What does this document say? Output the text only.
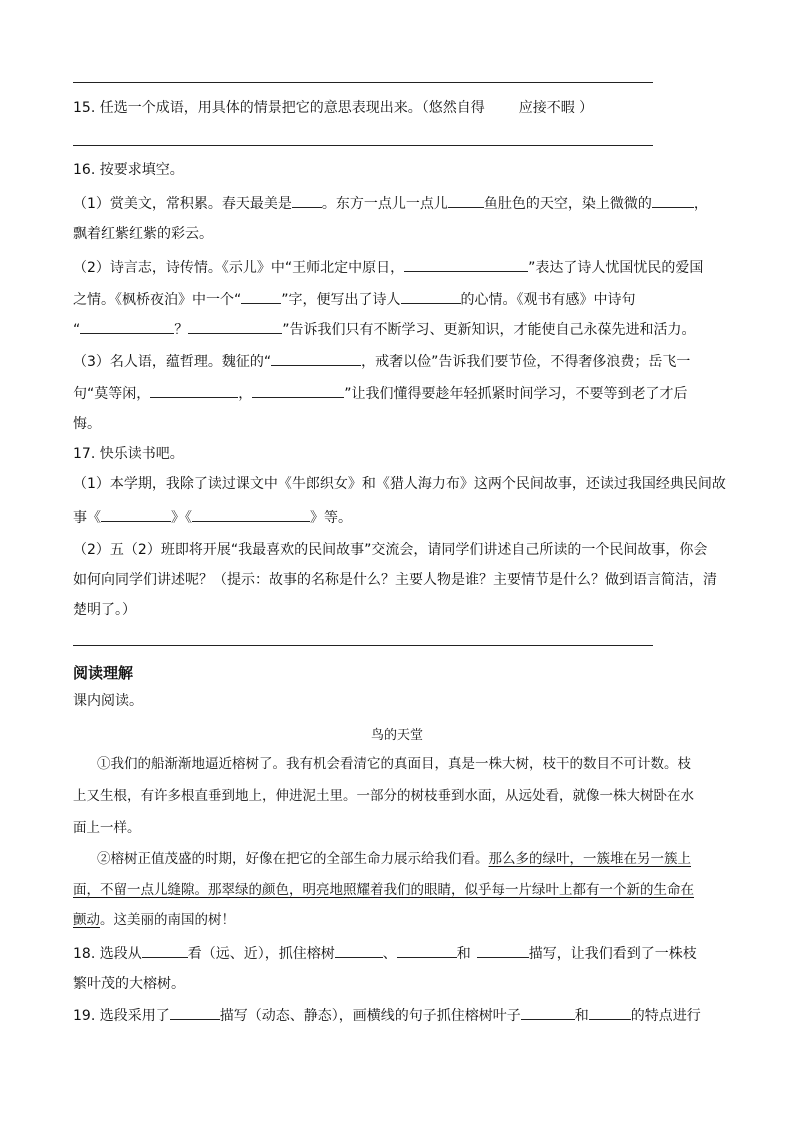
15. 任选一个成语，用具体的情景把它的意思表现出来。（悠然自得 应接不暇 ）
16. 按要求填空。
（1）赏美文，常积累。春天最美是 。东方一点儿一点儿	鱼肚色的天空，染上微微的	，
飘着红紫红紫的彩云。
（2）诗言志，诗传情。《示儿》中“王师北定中原日，	”表达了诗人忧国忧民的爱国
之情。《枫桥夜泊》中一个“	”字，便写出了诗人	的心情。《观书有感》中诗句
“	？	”告诉我们只有不断学习、更新知识，才能使自己永葆先进和活力。
（3）名人语，蕴哲理。魏征的“	，戒奢以俭”告诉我们要节俭，不得奢侈浪费；岳飞一
句“莫等闲，	，	”让我们懂得要趁年轻抓紧时间学习，不要等到老了才后
悔。
17. 快乐读书吧。
（1）本学期，我除了读过课文中《牛郎织女》和《猎人海力布》这两个民间故事，还读过我国经典民间故
事《	》《	》等。
（2）五（2）班即将开展“我最喜欢的民间故事”交流会，请同学们讲述自己所读的一个民间故事，你会
如何向同学们讲述呢？（提示：故事的名称是什么？主要人物是谁？主要情节是什么？做到语言简洁，清
楚明了。）
阅读理解
课内阅读。
鸟的天堂
①我们的船渐渐地逼近榕树了。我有机会看清它的真面目，真是一株大树，枝干的数目不可计数。枝
上又生根，有许多根直垂到地上，伸进泥土里。一部分的树枝垂到水面，从远处看，就像一株大树卧在水
面上一样。
②榕树正值茂盛的时期，好像在把它的全部生命力展示给我们看。那么多的绿叶，一簇堆在另一簇上
面，不留一点儿缝隙。那翠绿的颜色，明亮地照耀着我们的眼睛，似乎每一片绿叶上都有一个新的生命在
颤动。这美丽的南国的树！
18. 选段从	看（远、近），抓住榕树	、	和	描写，让我们看到了一株枝
繁叶茂的大榕树。
19. 选段采用了	描写（动态、静态），画横线的句子抓住榕树叶子	和	的特点进行
